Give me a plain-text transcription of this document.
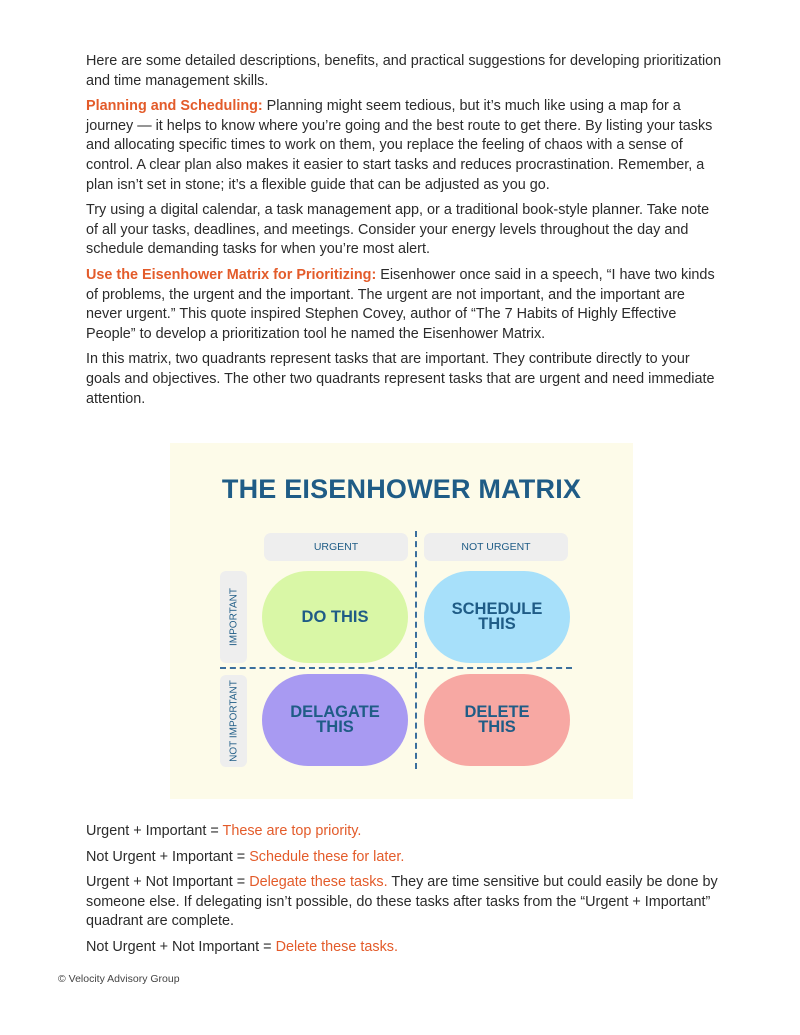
Here are some detailed descriptions, benefits, and practical suggestions for developing prioritization and time management skills.

Planning and Scheduling: Planning might seem tedious, but it’s much like using a map for a journey — it helps to know where you’re going and the best route to get there. By listing your tasks and allocating specific times to work on them, you replace the feeling of chaos with a sense of control. A clear plan also makes it easier to start tasks and reduces procrastination. Remember, a plan isn’t set in stone; it’s a flexible guide that can be adjusted as you go.

Try using a digital calendar, a task management app, or a traditional book-style planner. Take note of all your tasks, deadlines, and meetings. Consider your energy levels throughout the day and schedule demanding tasks for when you’re most alert.

Use the Eisenhower Matrix for Prioritizing: Eisenhower once said in a speech, “I have two kinds of problems, the urgent and the important. The urgent are not important, and the important are never urgent.” This quote inspired Stephen Covey, author of “The 7 Habits of Highly Effective People” to develop a prioritization tool he named the Eisenhower Matrix.

In this matrix, two quadrants represent tasks that are important. They contribute directly to your goals and objectives. The other two quadrants represent tasks that are urgent and need immediate attention.

THE EISENHOWER MATRIX
URGENT	NOT URGENT
IMPORTANT
NOT IMPORTANT
DO THIS	SCHEDULE
THIS
DELAGATE
THIS
DELETE
THIS

Urgent + Important = These are top priority.

Not Urgent + Important = Schedule these for later.

Urgent + Not Important = Delegate these tasks. They are time sensitive but could easily be done by someone else. If delegating isn’t possible, do these tasks after tasks from the “Urgent + Important” quadrant are complete.

Not Urgent + Not Important = Delete these tasks.

© Velocity Advisory Group
